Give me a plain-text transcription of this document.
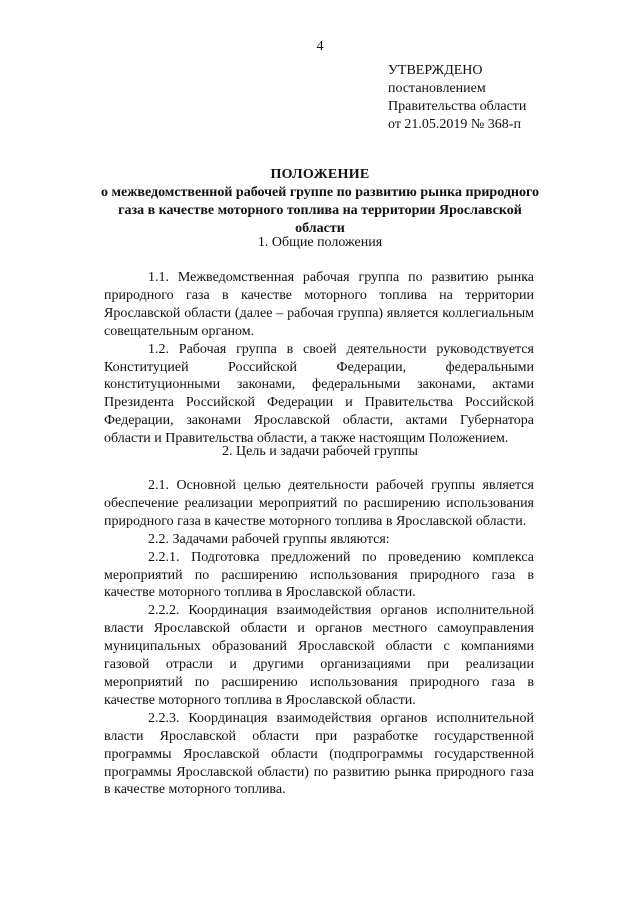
4
УТВЕРЖДЕНО
постановлением
Правительства области
от 21.05.2019 № 368-п
ПОЛОЖЕНИЕ
о межведомственной рабочей группе по развитию рынка природного
газа в качестве моторного топлива на территории Ярославской области
1. Общие положения

1.1. Межведомственная рабочая группа по развитию рынка природного газа в качестве моторного топлива на территории Ярославской области (далее – рабочая группа) является коллегиальным совещательным органом.

1.2. Рабочая группа в своей деятельности руководствуется Конституцией Российской Федерации, федеральными конституционными законами, федеральными законами, актами Президента Российской Федерации и Правительства Российской Федерации, законами Ярославской области, актами Губернатора области и Правительства области, а также настоящим Положением.

2. Цель и задачи рабочей группы

2.1. Основной целью деятельности рабочей группы является обеспечение реализации мероприятий по расширению использования природного газа в качестве моторного топлива в Ярославской области.

2.2. Задачами рабочей группы являются:

2.2.1. Подготовка предложений по проведению комплекса мероприятий по расширению использования природного газа в качестве моторного топлива в Ярославской области.

2.2.2. Координация взаимодействия органов исполнительной власти Ярославской области и органов местного самоуправления муниципальных образований Ярославской области с компаниями газовой отрасли и другими организациями при реализации мероприятий по расширению использования природного газа в качестве моторного топлива в Ярославской области.

2.2.3. Координация взаимодействия органов исполнительной власти Ярославской области при разработке государственной программы Ярославской области (подпрограммы государственной программы Ярославской области) по развитию рынка природного газа в качестве моторного топлива.
